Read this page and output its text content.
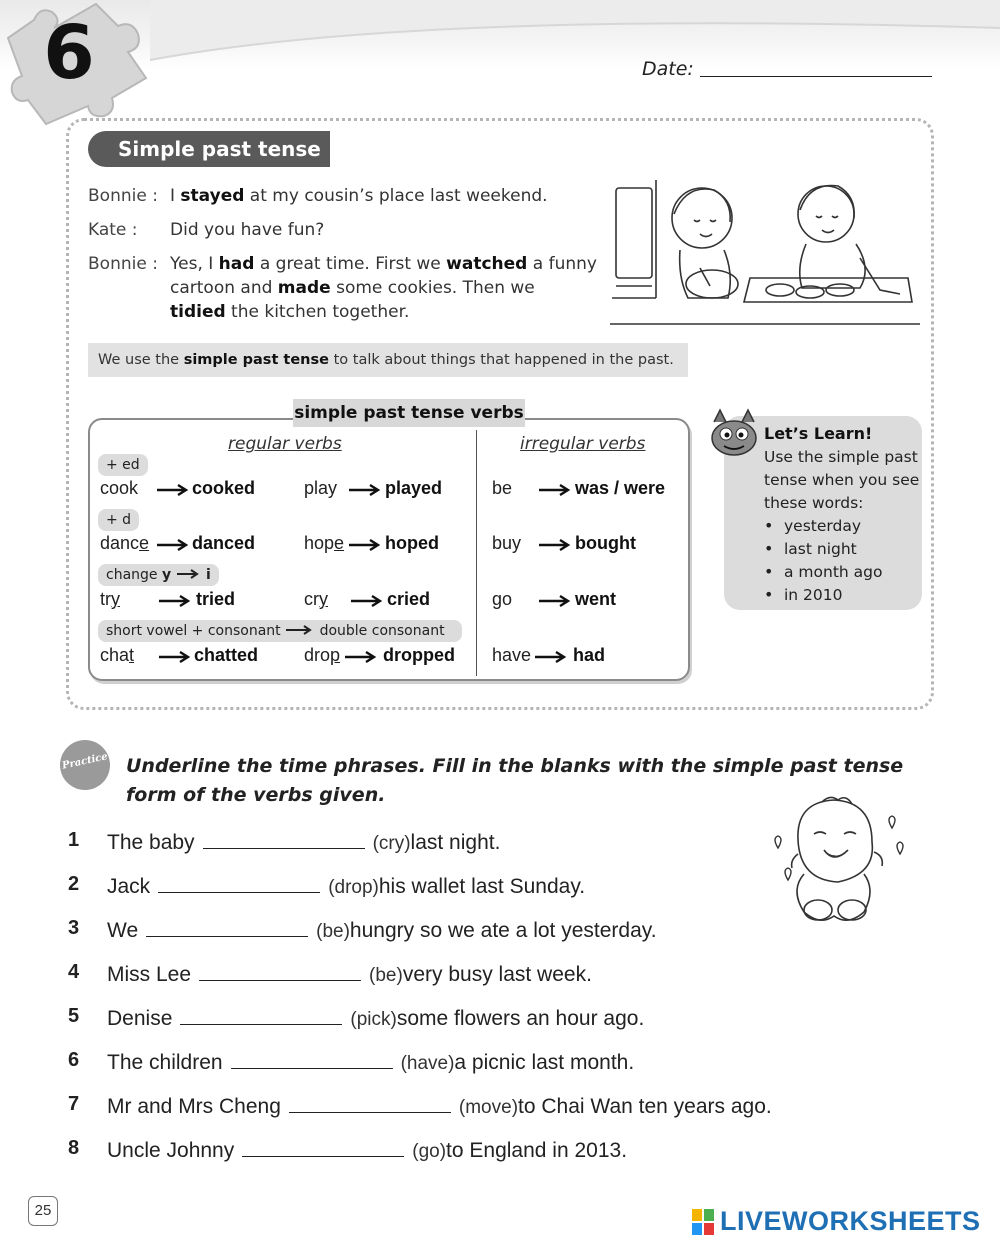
6	Date:
Simple past tense
Bonnie : I stayed at my cousin’s place last weekend.
Kate : Did you have fun?
Bonnie : Yes, I had a great time. First we watched a funny
cartoon and made some cookies. Then we
tidied the kitchen together.
We use the simple past tense to talk about things that happened in the past.
simple past tense verbs
regular verbs	irregular verbs
+ ed
+ d
change y i
short vowel + consonant	double consonant
cook	cooked	play	played	be	was / were
dance danced	hope hoped	buy	bought
try	tried	cry	cried	go	went
chat	chatted	drop dropped have had
Let’s Learn!
Use the simple past tense when you see these words:
• yesterday
• last night
• a month ago
• in 2010
Practice Underline the time phrases. Fill in the blanks with the simple past tense form of the verbs given.
1 The baby	(cry) last night.
2 Jack	(drop) his wallet last Sunday.
3 We	(be) hungry so we ate a lot yesterday.
4 Miss Lee	(be) very busy last week.
5 Denise	(pick) some flowers an hour ago.
6 The children	(have) a picnic last month.
7 Mr and Mrs Cheng	(move) to Chai Wan ten years ago.
8 Uncle Johnny	(go) to England in 2013.
25	LIVEWORKSHEETS
